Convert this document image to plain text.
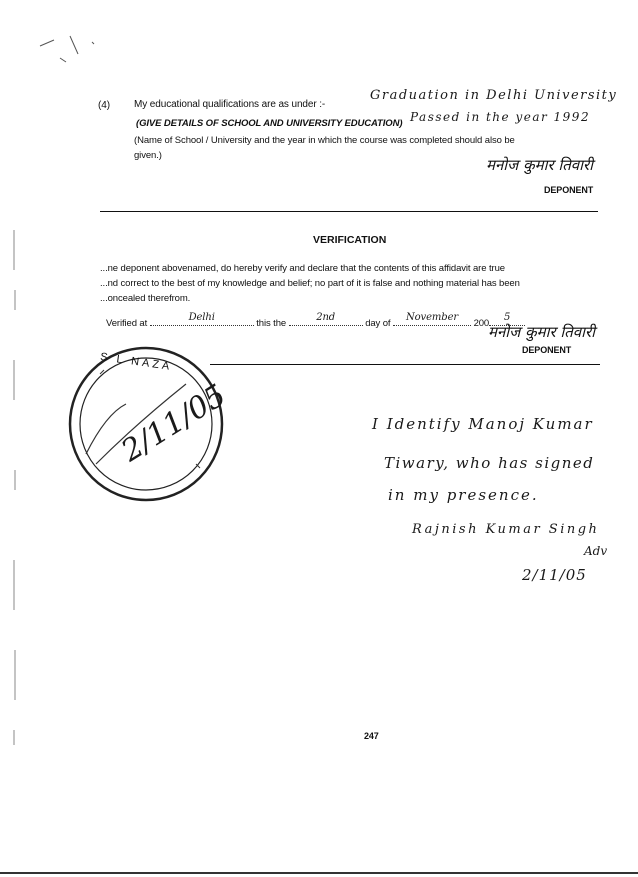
(4) My educational qualifications are as under :-
Graduation in Delhi University
(GIVE DETAILS OF SCHOOL AND UNIVERSITY EDUCATION) Passed in the year 1992
(Name of School / University and the year in which the course was completed should also be
given.)
मनोज कुमार तिवारी
DEPONENT
VERIFICATION
...ne deponent abovenamed, do hereby verify and declare that the contents of this affidavit are true
...nd correct to the best of my knowledge and belief; no part of it is false and nothing material has been
...oncealed therefrom.
Verified at
Delhi
this the
2nd
day of
November
200
5
मनोज कुमार तिवारी
DEPONENT
S L NAZA
2/11/05	I Identify Manoj Kumar
Tiwary, who has signed
in my presence.
Rajnish Kumar Singh
Adv
2/11/05
247
